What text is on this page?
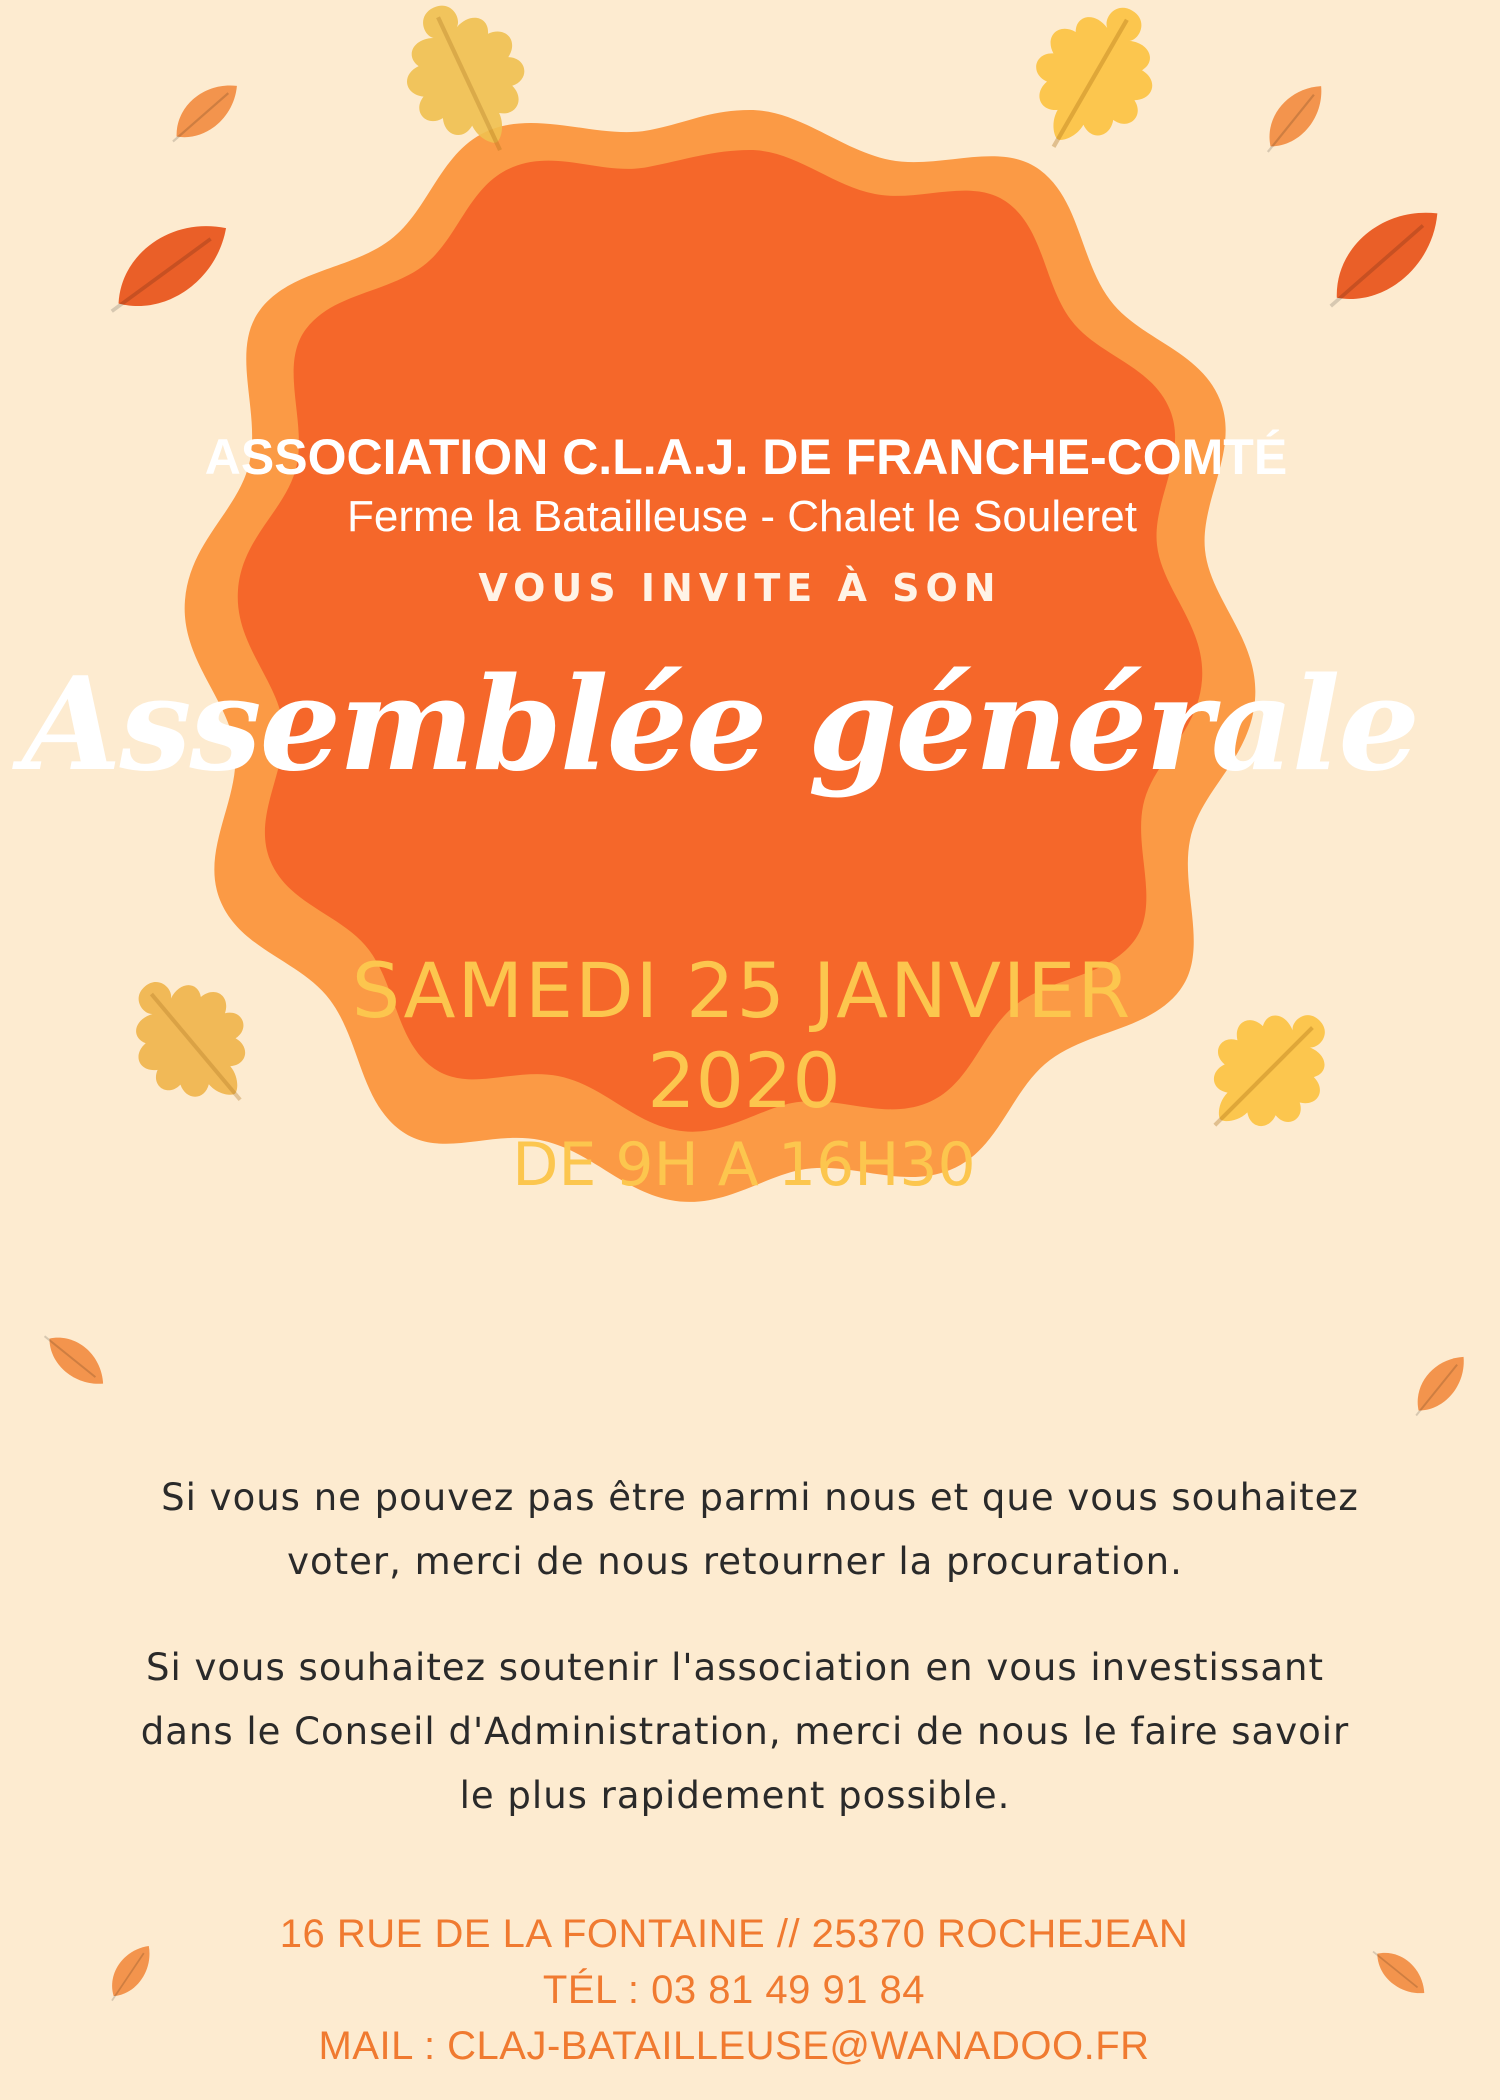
ASSOCIATION C.L.A.J. DE FRANCHE-COMTÉ

Ferme la Batailleuse - Chalet le Souleret

VOUS INVITE À SON

Assemblée générale

SAMEDI 25 JANVIER

2020

DE 9H A 16H30

Si vous ne pouvez pas être parmi nous et que vous souhaitez
voter, merci de nous retourner la procuration.
Si vous souhaitez soutenir l'association en vous investissant
dans le Conseil d'Administration, merci de nous le faire savoir
le plus rapidement possible.

16 RUE DE LA FONTAINE // 25370 ROCHEJEAN

TÉL : 03 81 49 91 84

MAIL : CLAJ-BATAILLEUSE@WANADOO.FR
